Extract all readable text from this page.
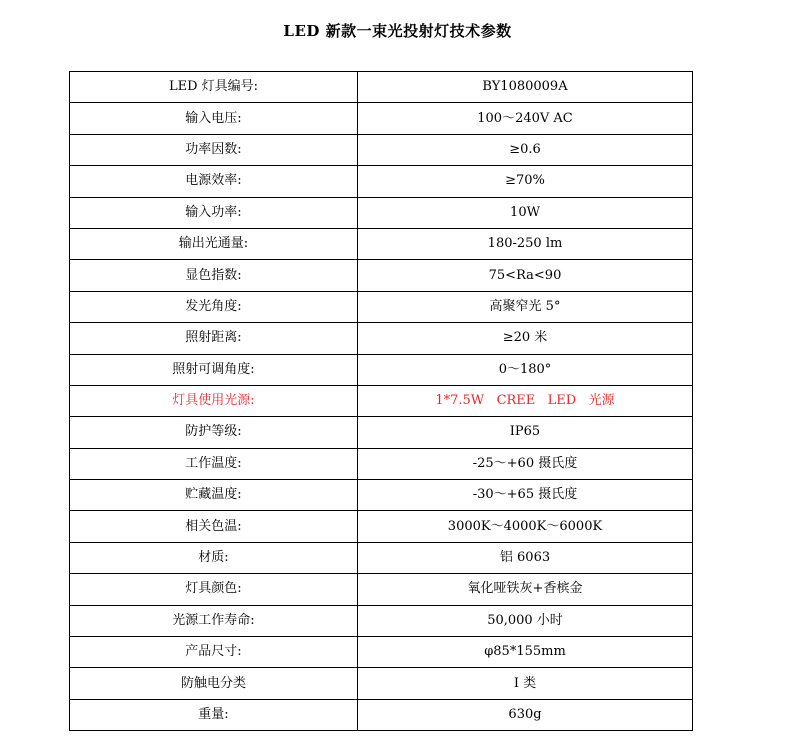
LED 新款一束光投射灯技术参数
LED 灯具编号:	BY1080009A
输入电压:	100～240V AC
功率因数:	≥0.6
电源效率:	≥70%
输入功率:	10W
输出光通量:	180-250 lm
显色指数:	75<Ra<90
发光角度:	高聚窄光 5°
照射距离:	≥20 米
照射可调角度:	0～180°
灯具使用光源:	1*7.5W   CREE   LED   光源
防护等级:	IP65
工作温度:	-25～+60 摄氏度
贮藏温度:	-30～+65 摄氏度
相关色温:	3000K～4000K～6000K
材质:	铝 6063
灯具颜色:	氧化哑铁灰+香槟金
光源工作寿命:	50,000 小时
产品尺寸:	φ85*155mm
防触电分类	I 类
重量:	630g
